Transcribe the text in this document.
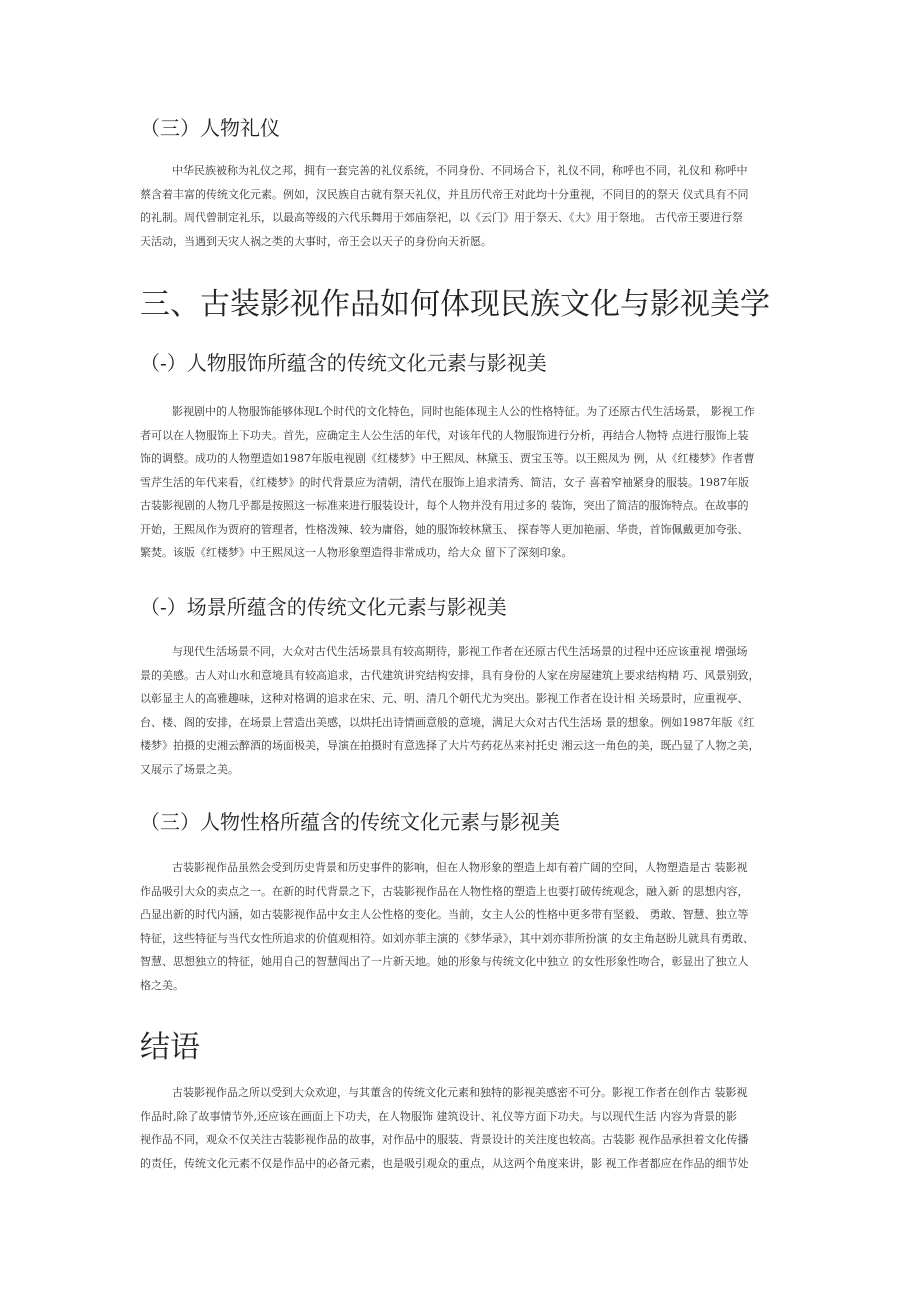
（三）人物礼仪
中华民族被称为礼仪之邦，拥有一套完善的礼仪系统，不同身份、不同场合下，礼仪不同，称呼也不同，礼仪和 称呼中
蔡含着丰富的传统文化元素。例如，汉民族自古就有祭天礼仪，并且历代帝王对此均十分重视，不同目的的祭天 仪式具有不同
的礼制。周代曾制定礼乐，以最高等级的六代乐舞用于郊庙祭祀，以《云门》用于祭天、《大》用于祭地。 古代帝王要进行祭
天活动，当遇到天灾人祸之类的大事时，帝王会以天子的身份向天祈愿。
三、古装影视作品如何体现民族文化与影视美学
（-）人物服饰所蕴含的传统文化元素与影视美
影视剧中的人物服饰能够体现L个时代的文化特色，同时也能体现主人公的性格特征。为了还原古代生活场景， 影视工作
者可以在人物服饰上下功夫。首先，应确定主人公生活的年代，对该年代的人物服饰进行分析，再结合人物特 点进行服饰上装
饰的调整。成功的人物塑造如1987年版电视剧《红楼梦》中王熙凤、林黛玉、贾宝玉等。以王熙凤为 例，从《红楼梦》作者曹
雪芹生活的年代来看，《红楼梦》的时代背景应为清朝，清代在服饰上追求清秀、简洁，女子 喜着窄袖紧身的服装。1987年版
古装影视剧的人物几乎都是按照这一标准来进行服装设计，每个人物并没有用过多的 装饰，突出了简洁的服饰特点。在故事的
开始，王熙凤作为贾府的管理者，性格泼辣、较为庸俗，她的服饰较林黛玉、 探春等人更加艳丽、华贵，首饰佩戴更加夸张、
繁焚。该版《红楼梦》中王熙凤这一人物形象塑造得非常成功，给大众 留下了深刻印象。
（-）场景所蕴含的传统文化元素与影视美
与现代生活场景不同，大众对古代生活场景具有较高期待，影视工作者在还原古代生活场景的过程中还应该重视 增强场
景的美感。古人对山水和意境具有较高追求，古代建筑讲究结构安排，具有身份的人家在房屋建筑上要求结构精 巧、风景别致，
以彰显主人的高雅趣味，这种对格调的追求在宋、元、明、清几个朝代尤为突出。影视工作者在设计相 关场景时，应重视亭、
台、楼、阁的安排，在场景上营造出美感，以烘托出诗情画意般的意境，满足大众对古代生活场 景的想象。例如1987年版《红
楼梦》拍摄的史湘云醉酒的场面极美，导演在拍摄时有意选择了大片芍药花丛来衬托史 湘云这一角色的美，既凸显了人物之美，
又展示了场景之美。
（三）人物性格所蕴含的传统文化元素与影视美
古装影视作品虽然会受到历史背景和历史事件的影响，但在人物形象的塑造上却有着广阔的空间，人物塑造是古 装影视
作品吸引大众的卖点之一。在新的时代背景之下，古装影视作品在人物性格的塑造上也要打破传统观念，融入新 的思想内容，
凸显出新的时代内涵，如古装影视作品中女主人公性格的变化。当前，女主人公的性格中更多带有坚毅、 勇敢、智慧、独立等
特征，这些特征与当代女性所追求的价值观相符。如刘亦菲主演的《梦华录》，其中刘亦菲所扮演 的女主角赵盼儿就具有勇敢、
智慧、思想独立的特征，她用自己的智慧闯出了一片新天地。她的形象与传统文化中独立 的女性形象性吻合，彰显出了独立人
格之美。
结语
古装影视作品之所以受到大众欢迎，与其董含的传统文化元素和独特的影视美感密不可分。影视工作者在创作古 装影视
作品时,除了故事情节外,还应该在画面上下功夫，在人物服饰 建筑设计、礼仪等方面下功夫。与以现代生活 内容为背景的影
视作品不同，观众不仅关注古装影视作品的故事，对作品中的服装、背景设计的关注度也较高。古装影 视作品承担着文化传播
的责任，传统文化元素不仅是作品中的必备元素，也是吸引观众的重点，从这两个角度来讲，影 视工作者都应在作品的细节处
